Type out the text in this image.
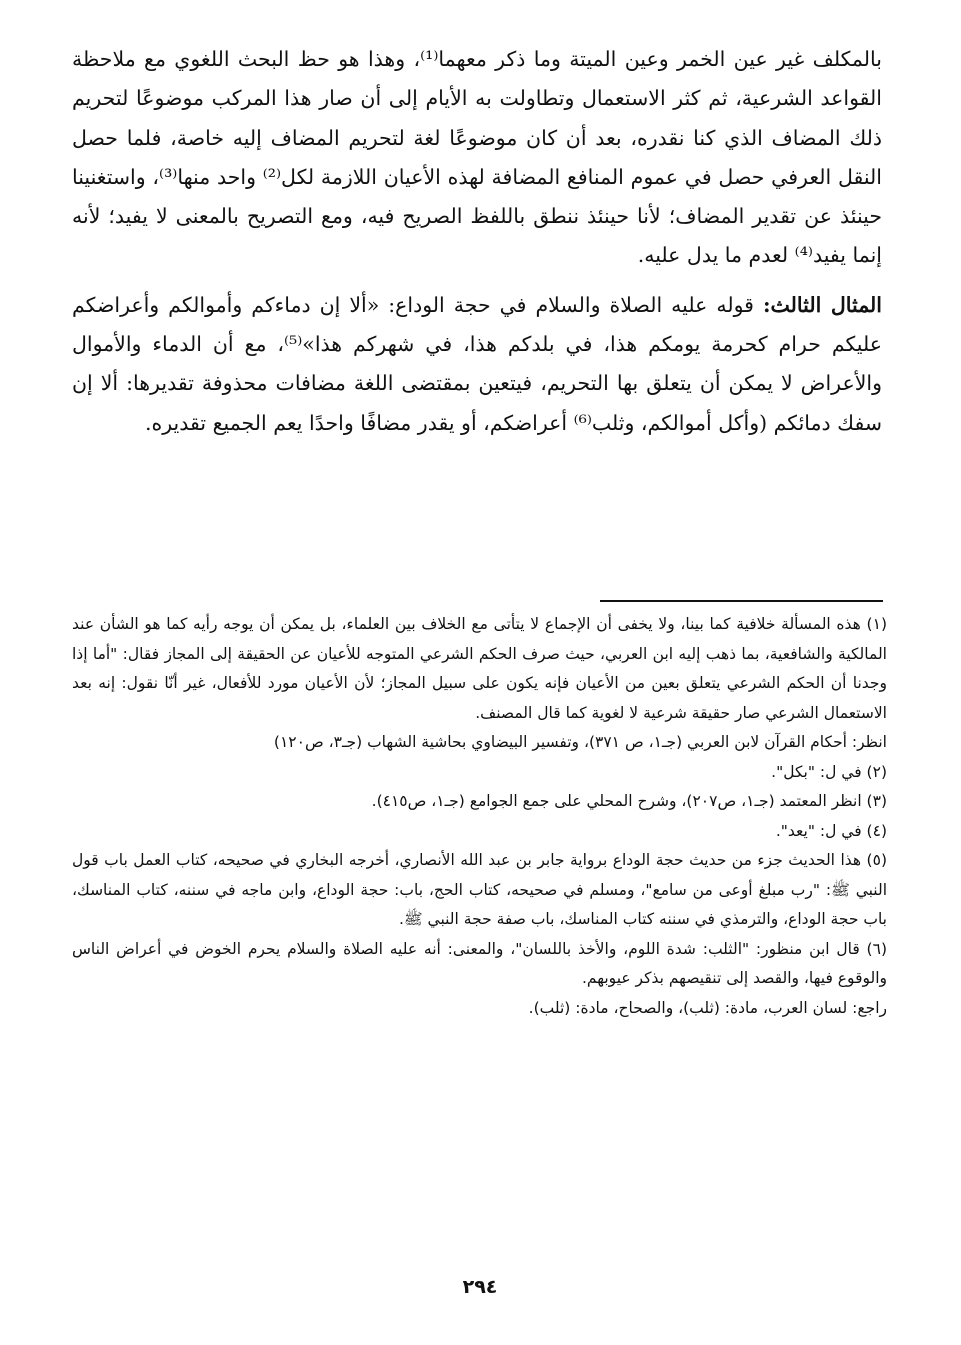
بالمكلف غير عين الخمر وعين الميتة وما ذكر معهما⁽¹⁾، وهذا هو حظ البحث اللغوي مع ملاحظة القواعد الشرعية، ثم كثر الاستعمال وتطاولت به الأيام إلى أن صار هذا المركب موضوعًا لتحريم ذلك المضاف الذي كنا نقدره، بعد أن كان موضوعًا لغة لتحريم المضاف إليه خاصة، فلما حصل النقل العرفي حصل في عموم المنافع المضافة لهذه الأعيان اللازمة لكل⁽²⁾ واحد منها⁽³⁾، واستغنينا حينئذ عن تقدير المضاف؛ لأنا حينئذ ننطق باللفظ الصريح فيه، ومع التصريح بالمعنى لا يفيد؛ لأنه إنما يفيد⁽⁴⁾ لعدم ما يدل عليه.

المثال الثالث: قوله عليه الصلاة والسلام في حجة الوداع: «ألا إن دماءكم وأموالكم وأعراضكم عليكم حرام كحرمة يومكم هذا، في بلدكم هذا، في شهركم هذا»⁽⁵⁾، مع أن الدماء والأموال والأعراض لا يمكن أن يتعلق بها التحريم، فيتعين بمقتضى اللغة مضافات محذوفة تقديرها: ألا إن سفك دمائكم (وأكل أموالكم، وثلب⁽⁶⁾ أعراضكم، أو يقدر مضافًا واحدًا يعم الجميع تقديره.

(١) هذه المسألة خلافية كما بينا، ولا يخفى أن الإجماع لا يتأتى مع الخلاف بين العلماء، بل يمكن أن يوجه رأيه كما هو الشأن عند المالكية والشافعية، بما ذهب إليه ابن العربي، حيث صرف الحكم الشرعي المتوجه للأعيان عن الحقيقة إلى المجاز فقال: "أما إذا وجدنا أن الحكم الشرعي يتعلق بعين من الأعيان فإنه يكون على سبيل المجاز؛ لأن الأعيان مورد للأفعال، غير أنّا نقول: إنه بعد الاستعمال الشرعي صار حقيقة شرعية لا لغوية كما قال المصنف.

انظر: أحكام القرآن لابن العربي (جـ١، ص ٣٧١)، وتفسير البيضاوي بحاشية الشهاب (جـ٣، ص١٢٠)

(٢) في ل: "بكل".

(٣) انظر المعتمد (جـ١، ص٢٠٧)، وشرح المحلي على جمع الجوامع (جـ١، ص٤١٥).

(٤) في ل: "يعد".

(٥) هذا الحديث جزء من حديث حجة الوداع برواية جابر بن عبد الله الأنصاري، أخرجه البخاري في صحيحه، كتاب العمل باب قول النبي ﷺ: "رب مبلغ أوعى من سامع"، ومسلم في صحيحه، كتاب الحج، باب: حجة الوداع، وابن ماجه في سننه، كتاب المناسك، باب حجة الوداع، والترمذي في سننه كتاب المناسك، باب صفة حجة النبي ﷺ.

(٦) قال ابن منظور: "الثلب: شدة اللوم، والأخذ باللسان"، والمعنى: أنه عليه الصلاة والسلام يحرم الخوض في أعراض الناس والوقوع فيها، والقصد إلى تنقيصهم بذكر عيوبهم.

راجع: لسان العرب، مادة: (ثلب)، والصحاح، مادة: (ثلب).

٢٩٤
